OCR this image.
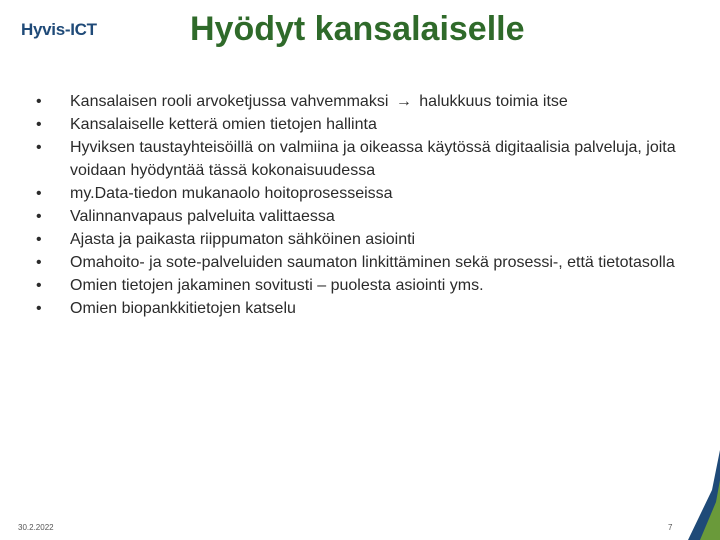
Hyvis-ICT	Hyödyt kansalaiselle
•	Kansalaisen rooli arvoketjussa vahvemmaksi → halukkuus toimia itse
•	Kansalaiselle ketterä omien tietojen hallinta
•	Hyviksen taustayhteisöillä on valmiina ja oikeassa käytössä digitaalisia palveluja, joita voidaan hyödyntää tässä kokonaisuudessa
•	my.Data-tiedon mukanaolo hoitoprosesseissa
•	Valinnanvapaus palveluita valittaessa
•	Ajasta ja paikasta riippumaton sähköinen asiointi
•	Omahoito- ja sote-palveluiden saumaton linkittäminen sekä prosessi-, että tietotasolla
•	Omien tietojen jakaminen sovitusti – puolesta asiointi yms.
•	Omien biopankkitietojen katselu
30.2.2022	7
